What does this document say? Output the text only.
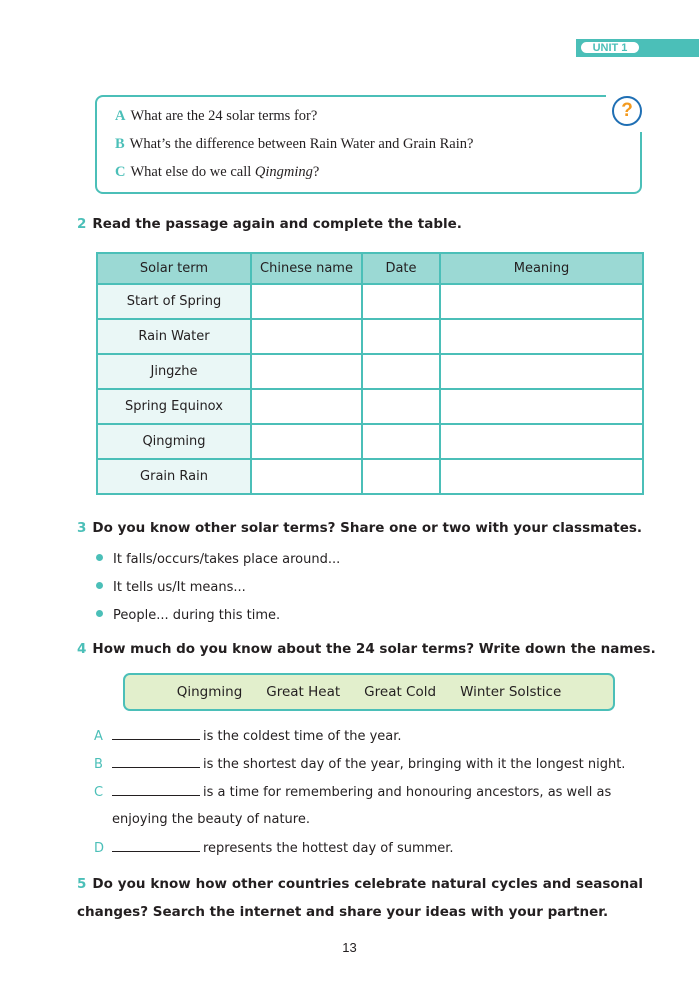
UNIT 1
?
A What are the 24 solar terms for?
B What’s the difference between Rain Water and Grain Rain?
C What else do we call Qingming?
2 Read the passage again and complete the table.
Solar term	Chinese name	Date	Meaning
Start of Spring			
Rain Water			
Jingzhe			
Spring Equinox			
Qingming			
Grain Rain			
3 Do you know other solar terms? Share one or two with your classmates.
It falls/occurs/takes place around...
It tells us/It means...
People... during this time.
4 How much do you know about the 24 solar terms? Write down the names.
Qingming Great Heat Great Cold Winter Solstice
A	is the coldest time of the year.
B	is the shortest day of the year, bringing with it the longest night.
C	is a time for remembering and honouring ancestors, as well as
enjoying the beauty of nature.
D	represents the hottest day of summer.
5 Do you know how other countries celebrate natural cycles and seasonal changes? Search the internet and share your ideas with your partner.
13
